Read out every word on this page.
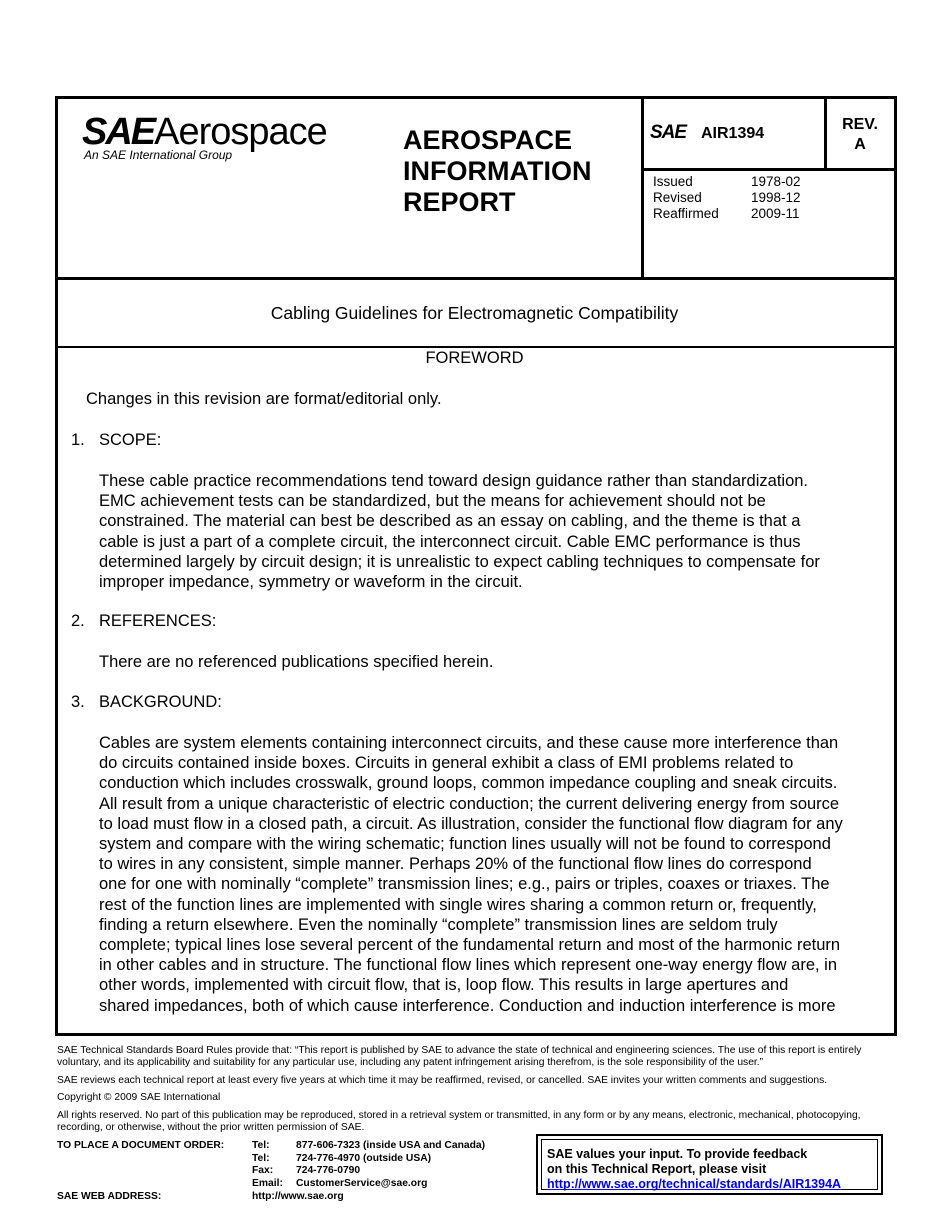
SAEAerospace
An SAE International Group	AEROSPACE
INFORMATION
REPORT
SAE AIR1394
REV.
A
Issued	1978-02
Revised	1998-12
Reaffirmed	2009-11
Cabling Guidelines for Electromagnetic Compatibility
FOREWORD
Changes in this revision are format/editorial only.
1. SCOPE:
These cable practice recommendations tend toward design guidance rather than standardization.
EMC achievement tests can be standardized, but the means for achievement should not be
constrained. The material can best be described as an essay on cabling, and the theme is that a
cable is just a part of a complete circuit, the interconnect circuit. Cable EMC performance is thus
determined largely by circuit design; it is unrealistic to expect cabling techniques to compensate for
improper impedance, symmetry or waveform in the circuit.
2. REFERENCES:
There are no referenced publications specified herein.
3. BACKGROUND:
Cables are system elements containing interconnect circuits, and these cause more interference than
do circuits contained inside boxes. Circuits in general exhibit a class of EMI problems related to
conduction which includes crosswalk, ground loops, common impedance coupling and sneak circuits.
All result from a unique characteristic of electric conduction; the current delivering energy from source
to load must flow in a closed path, a circuit. As illustration, consider the functional flow diagram for any
system and compare with the wiring schematic; function lines usually will not be found to correspond
to wires in any consistent, simple manner. Perhaps 20% of the functional flow lines do correspond
one for one with nominally “complete” transmission lines; e.g., pairs or triples, coaxes or triaxes. The
rest of the function lines are implemented with single wires sharing a common return or, frequently,
finding a return elsewhere. Even the nominally “complete” transmission lines are seldom truly
complete; typical lines lose several percent of the fundamental return and most of the harmonic return
in other cables and in structure. The functional flow lines which represent one-way energy flow are, in
other words, implemented with circuit flow, that is, loop flow. This results in large apertures and
shared impedances, both of which cause interference. Conduction and induction interference is more
SAE Technical Standards Board Rules provide that: “This report is published by SAE to advance the state of technical and engineering sciences. The use of this report is entirely voluntary, and its applicability and suitability for any particular use, including any patent infringement arising therefrom, is the sole responsibility of the user.”
SAE reviews each technical report at least every five years at which time it may be reaffirmed, revised, or cancelled. SAE invites your written comments and suggestions.
Copyright © 2009 SAE International
All rights reserved. No part of this publication may be reproduced, stored in a retrieval system or transmitted, in any form or by any means, electronic, mechanical, photocopying, recording, or otherwise, without the prior written permission of SAE.
TO PLACE A DOCUMENT ORDER:	Tel:	877-606-7323 (inside USA and Canada)
Tel:	724-776-4970 (outside USA)
Fax: 724-776-0790
Email: CustomerService@sae.org
SAE WEB ADDRESS:	http://www.sae.org
SAE values your input. To provide feedback
on this Technical Report, please visit
http://www.sae.org/technical/standards/AIR1394A
